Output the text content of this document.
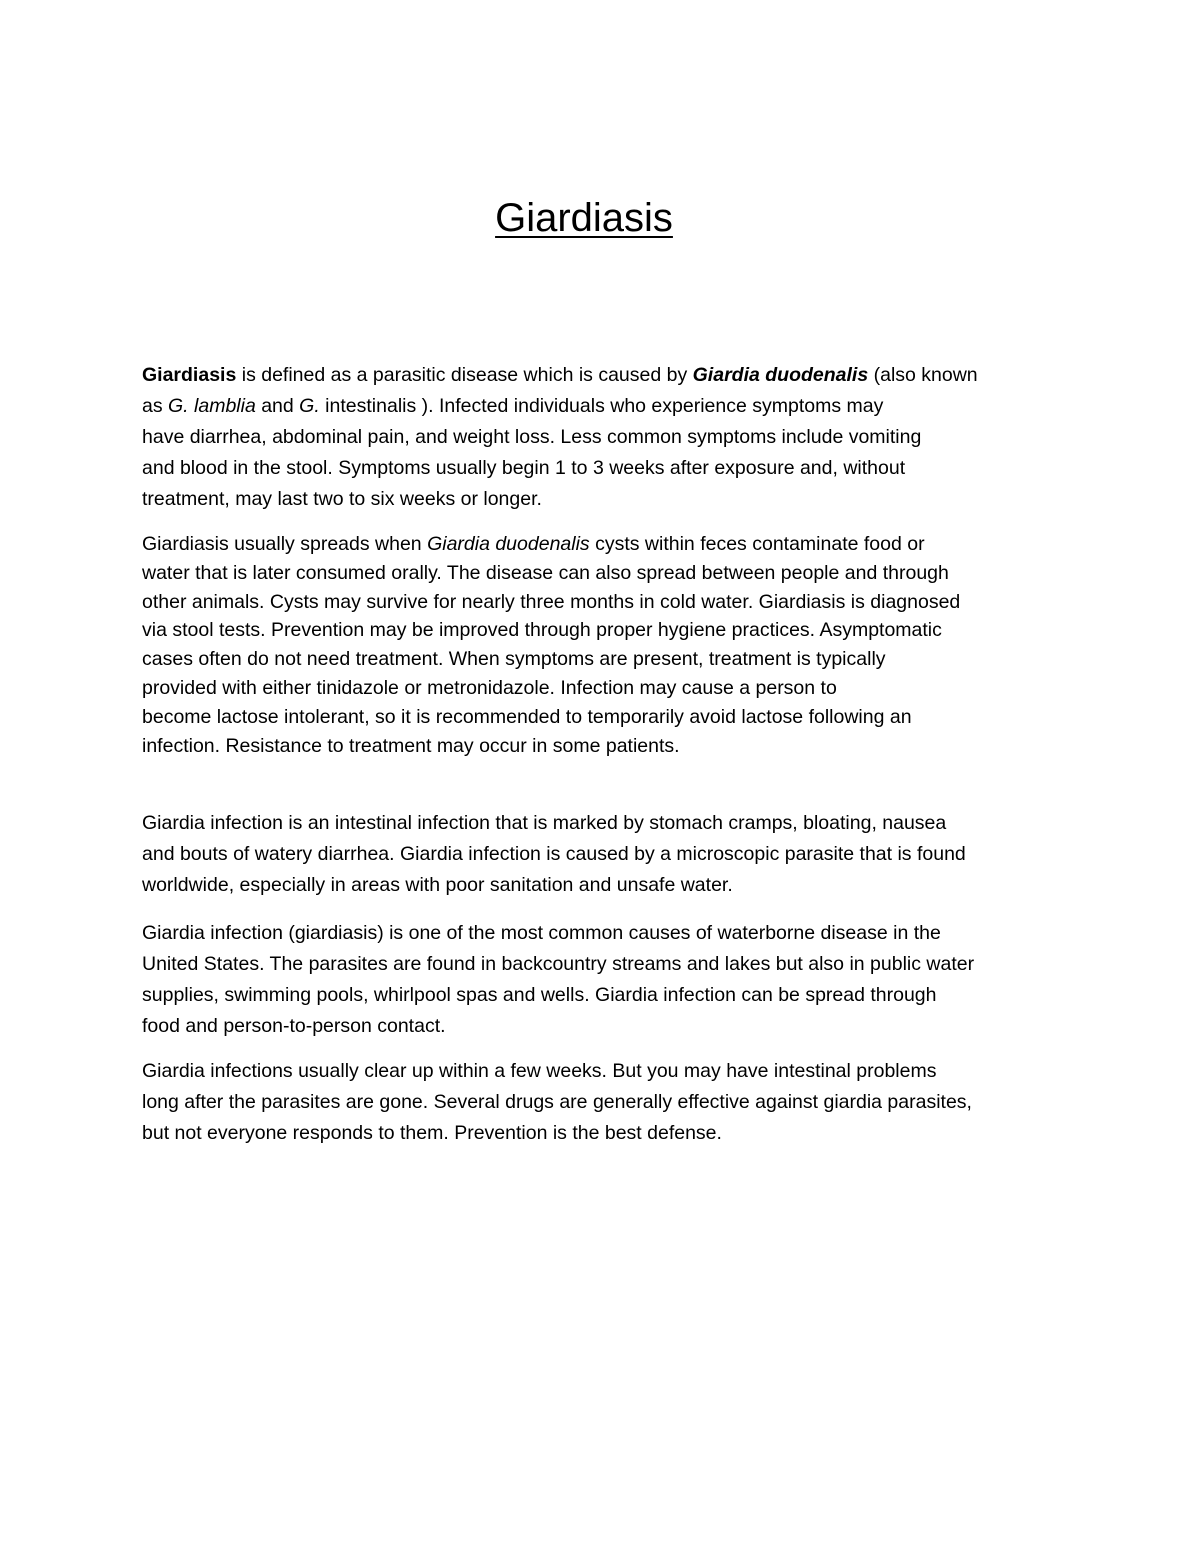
Giardiasis

Giardiasis is defined as a parasitic disease which is caused by Giardia duodenalis (also known
as G. lamblia and G. intestinalis ). Infected individuals who experience symptoms may
have diarrhea, abdominal pain, and weight loss. Less common symptoms include vomiting
and blood in the stool. Symptoms usually begin 1 to 3 weeks after exposure and, without
treatment, may last two to six weeks or longer.

Giardiasis usually spreads when Giardia duodenalis cysts within feces contaminate food or
water that is later consumed orally. The disease can also spread between people and through
other animals. Cysts may survive for nearly three months in cold water. Giardiasis is diagnosed
via stool tests. Prevention may be improved through proper hygiene practices. Asymptomatic
cases often do not need treatment. When symptoms are present, treatment is typically
provided with either tinidazole or metronidazole. Infection may cause a person to
become lactose intolerant, so it is recommended to temporarily avoid lactose following an
infection. Resistance to treatment may occur in some patients.

Giardia infection is an intestinal infection that is marked by stomach cramps, bloating, nausea
and bouts of watery diarrhea. Giardia infection is caused by a microscopic parasite that is found
worldwide, especially in areas with poor sanitation and unsafe water.

Giardia infection (giardiasis) is one of the most common causes of waterborne disease in the
United States. The parasites are found in backcountry streams and lakes but also in public water
supplies, swimming pools, whirlpool spas and wells. Giardia infection can be spread through
food and person-to-person contact.

Giardia infections usually clear up within a few weeks. But you may have intestinal problems
long after the parasites are gone. Several drugs are generally effective against giardia parasites,
but not everyone responds to them. Prevention is the best defense.
